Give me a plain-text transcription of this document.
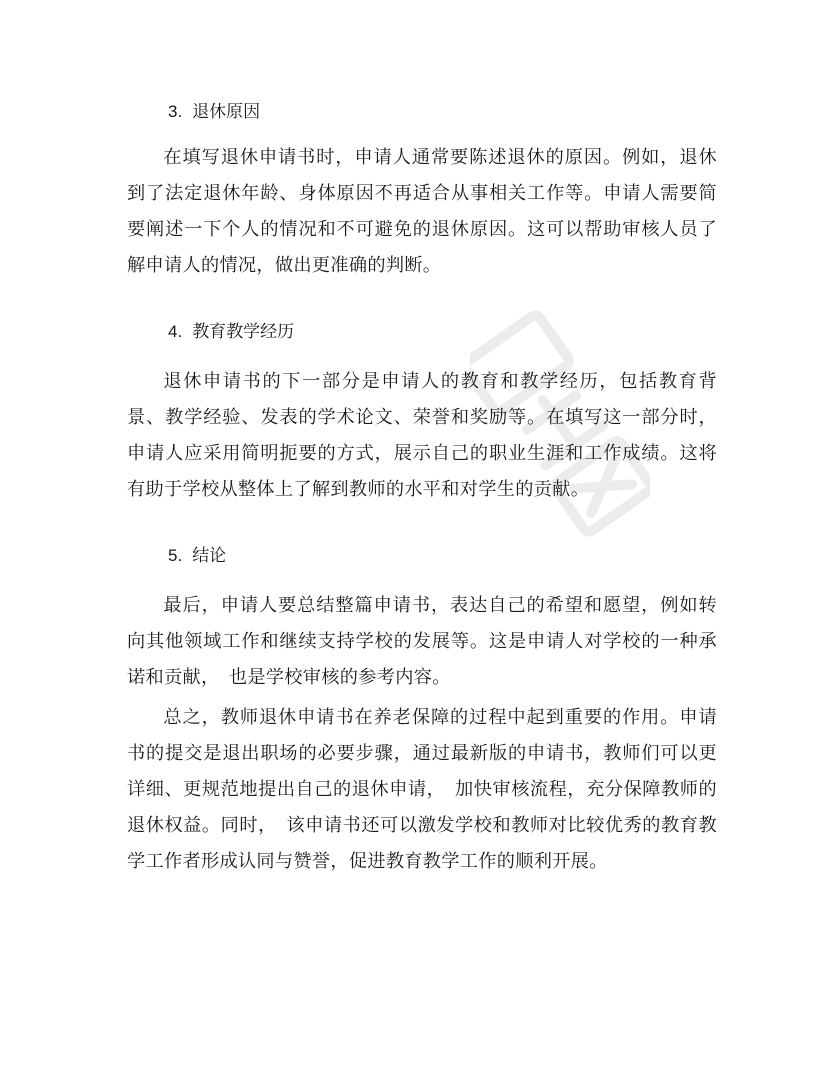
3. 退休原因

在填写退休申请书时，申请人通常要陈述退休的原因。例如，退休到了法定退休年龄、身体原因不再适合从事相关工作等。申请人需要简要阐述一下个人的情况和不可避免的退休原因。这可以帮助审核人员了解申请人的情况，做出更准确的判断。

4. 教育教学经历

退休申请书的下一部分是申请人的教育和教学经历，包括教育背景、教学经验、发表的学术论文、荣誉和奖励等。在填写这一部分时，申请人应采用简明扼要的方式，展示自己的职业生涯和工作成绩。这将有助于学校从整体上了解到教师的水平和对学生的贡献。

5. 结论

最后，申请人要总结整篇申请书，表达自己的希望和愿望，例如转向其他领域工作和继续支持学校的发展等。这是申请人对学校的一种承诺和贡献，　也是学校审核的参考内容。

总之，教师退休申请书在养老保障的过程中起到重要的作用。申请书的提交是退出职场的必要步骤，通过最新版的申请书，教师们可以更详细、更规范地提出自己的退休申请，　加快审核流程，充分保障教师的退休权益。同时，　该申请书还可以激发学校和教师对比较优秀的教育教学工作者形成认同与赞誉，促进教育教学工作的顺利开展。
